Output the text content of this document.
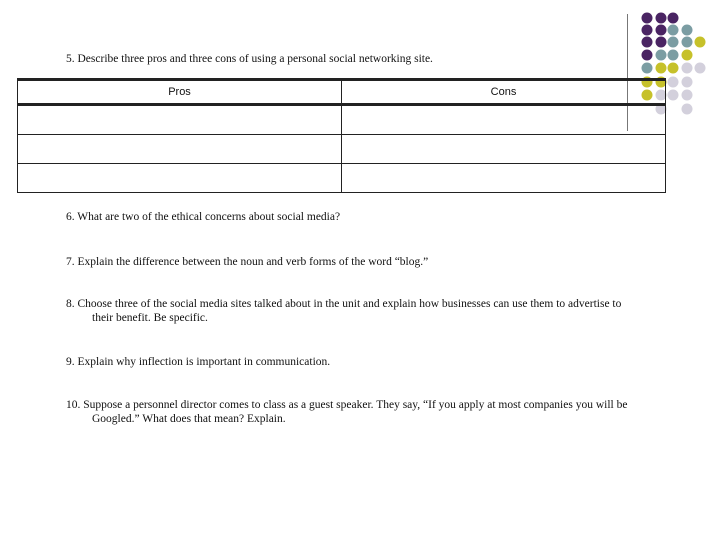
5. Describe three pros and three cons of using a personal social networking site.

Pros	Cons

6. What are two of the ethical concerns about social media?

7. Explain the difference between the noun and verb forms of the word “blog.”

8. Choose three of the social media sites talked about in the unit and explain how businesses can use them to advertise to
their benefit. Be specific.

9. Explain why inflection is important in communication.

10. Suppose a personnel director comes to class as a guest speaker. They say, “If you apply at most companies you will be
Googled.” What does that mean? Explain.
